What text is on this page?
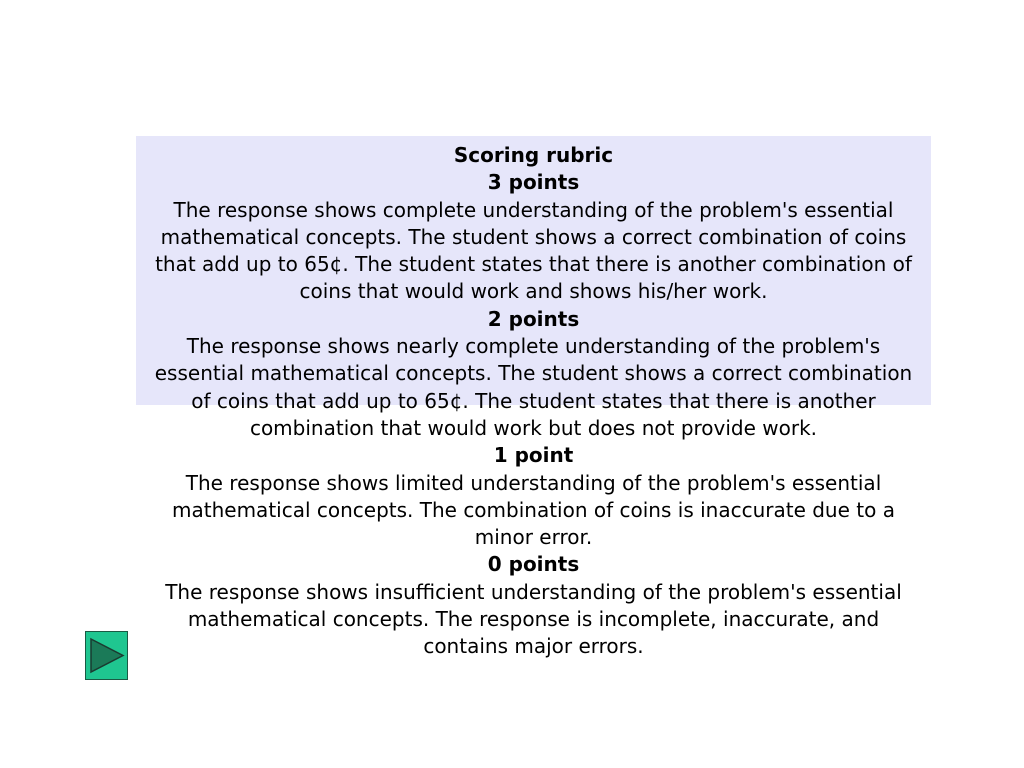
Scoring rubric
3 points
The response shows complete understanding of the problem's essential mathematical concepts. The student shows a correct combination of coins that add up to 65¢. The student states that there is another combination of coins that would work and shows his/her work.
2 points
The response shows nearly complete understanding of the problem's essential mathematical concepts. The student shows a correct combination of coins that add up to 65¢. The student states that there is another combination that would work but does not provide work.
1 point
The response shows limited understanding of the problem's essential mathematical concepts. The combination of coins is inaccurate due to a minor error.
0 points
The response shows insufficient understanding of the problem's essential mathematical concepts. The response is incomplete, inaccurate, and contains major errors.
